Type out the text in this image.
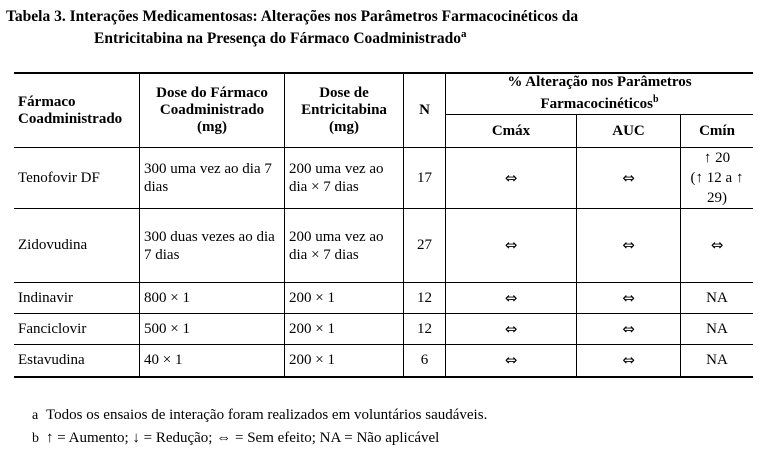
Tabela 3. Interações Medicamentosas: Alterações nos Parâmetros Farmacocinéticos da
Entricitabina na Presença do Fármaco Coadministrado$^a$
Fármaco Coadministrado	Dose do Fármaco Coadministrado (mg)	Dose de Entricitabina (mg)	N	% Alteração nos Parâmetros Farmacocinéticos$^b$
				Cmáx	AUC	Cmín
Tenofovir DF	300 uma vez ao dia 7 dias	200 uma vez ao dia × 7 dias	17	⇔	⇔	↑ 20
(↑ 12 a ↑ 29)

Zidovudina	300 duas vezes ao dia 7 dias	200 uma vez ao dia × 7 dias	27	⇔	⇔	⇔
Indinavir	800 × 1	200 × 1	12	⇔	⇔	NA
Fanciclovir	500 × 1	200 × 1	12	⇔	⇔	NA
Estavudina	40 × 1	200 × 1	6	⇔	⇔	NA
a Todos os ensaios de interação foram realizados em voluntários saudáveis.
b ↑ = Aumento; ↓ = Redução; ⇔ = Sem efeito; NA = Não aplicável
